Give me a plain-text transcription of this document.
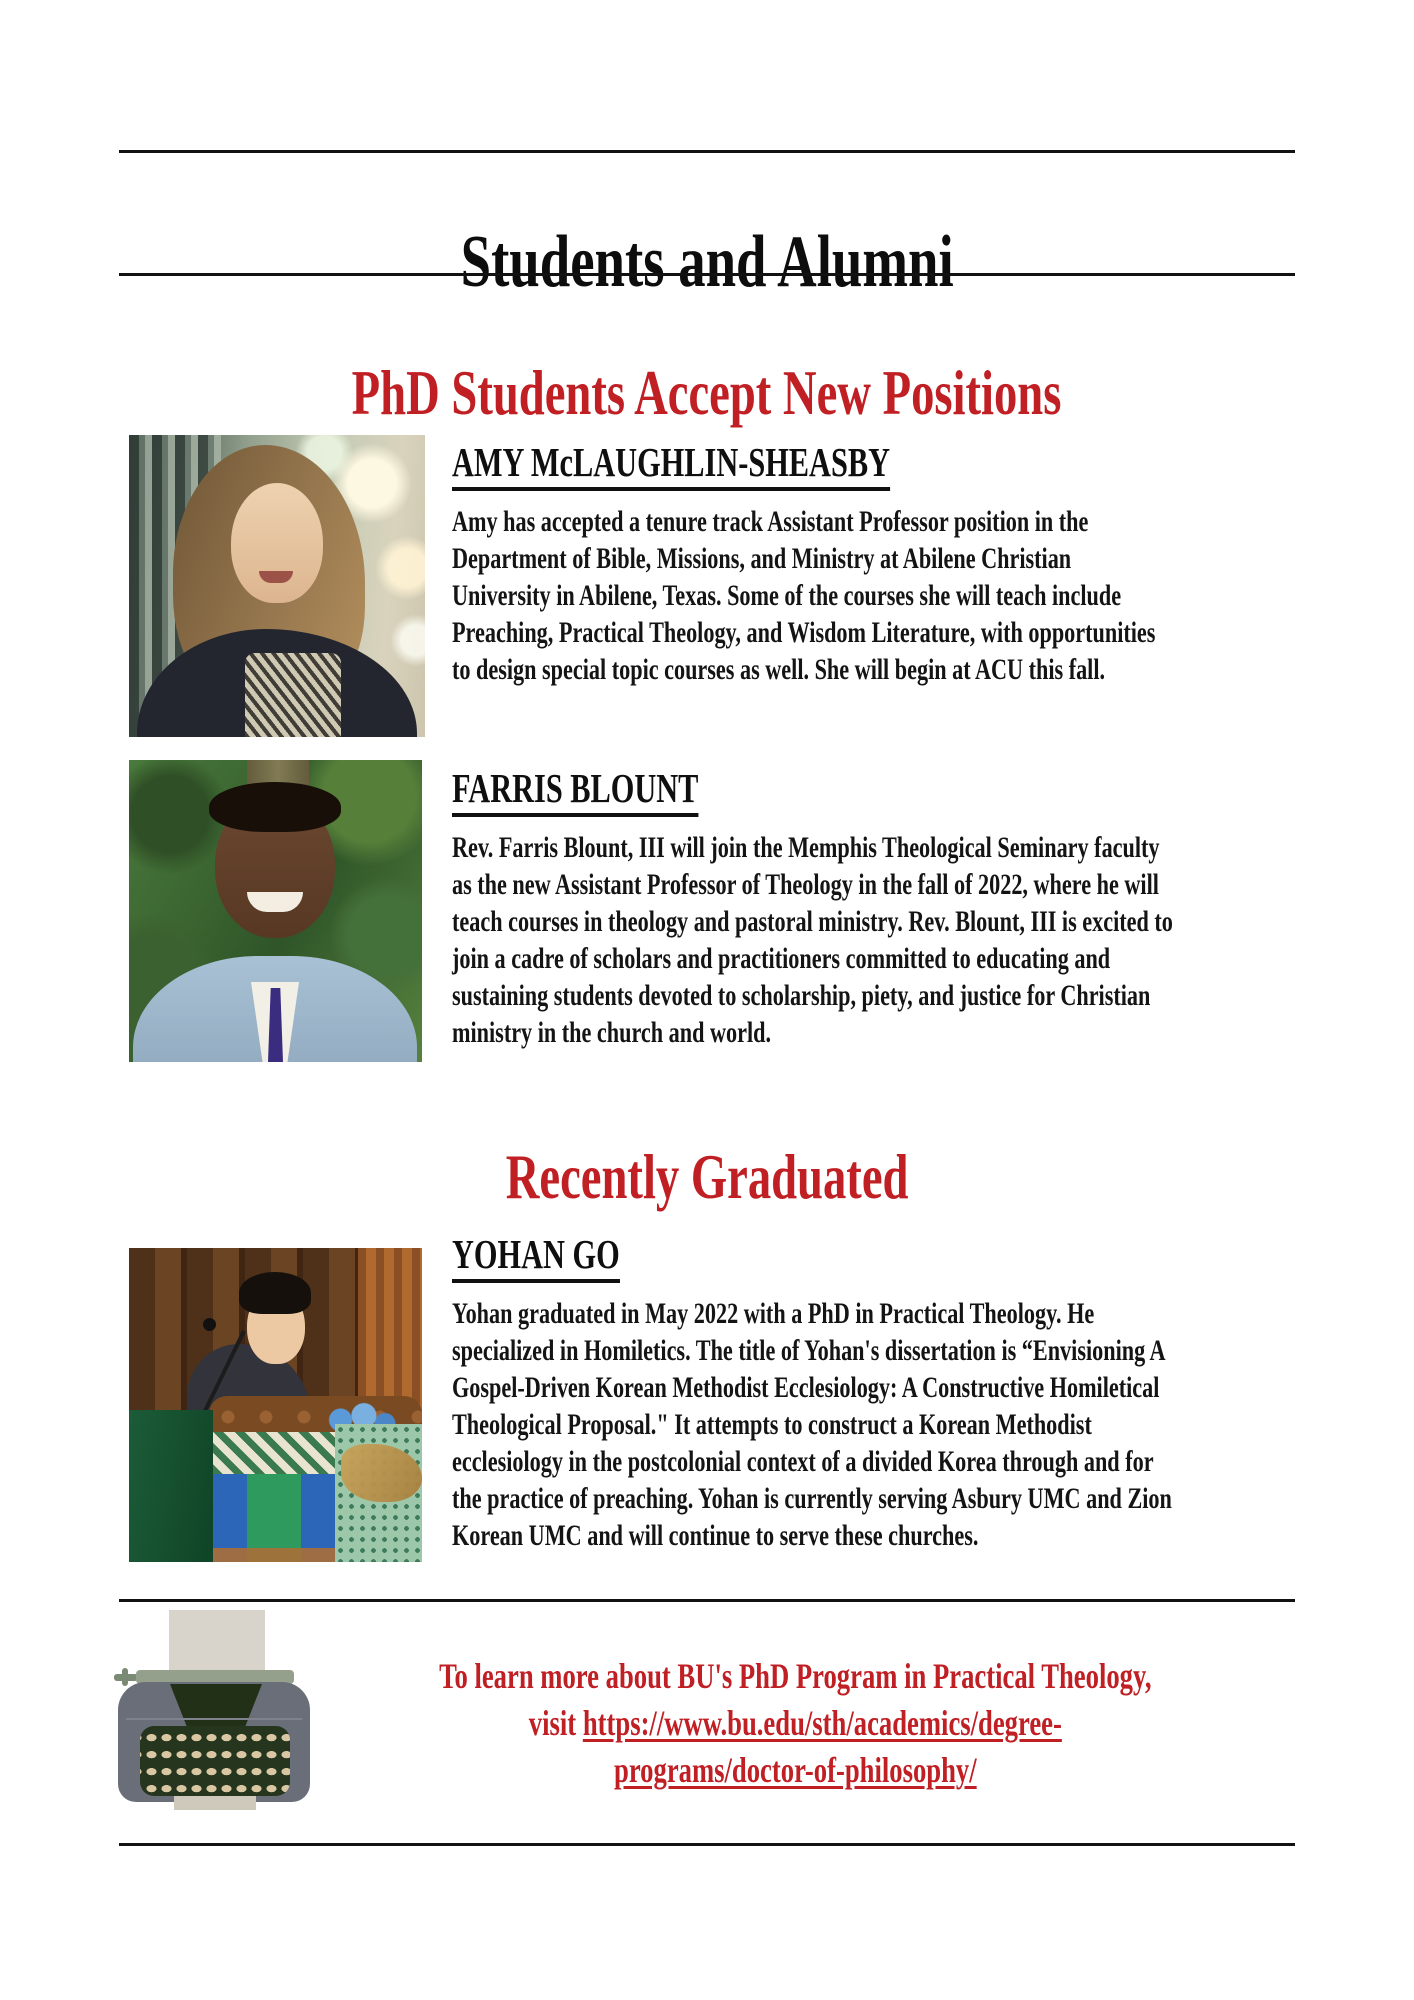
Students and Alumni
PhD Students Accept New Positions
AMY McLAUGHLIN-SHEASBY
Amy has accepted a tenure track Assistant Professor position in the Department of Bible, Missions, and Ministry at Abilene Christian University in Abilene, Texas. Some of the courses she will teach include Preaching, Practical Theology, and Wisdom Literature, with opportunities to design special topic courses as well. She will begin at ACU this fall.
FARRIS BLOUNT
Rev. Farris Blount, III will join the Memphis Theological Seminary faculty as the new Assistant Professor of Theology in the fall of 2022, where he will teach courses in theology and pastoral ministry. Rev. Blount, III is excited to join a cadre of scholars and practitioners committed to educating and sustaining students devoted to scholarship, piety, and justice for Christian ministry in the church and world.
Recently Graduated
YOHAN GO
Yohan graduated in May 2022 with a PhD in Practical Theology. He specialized in Homiletics. The title of Yohan's dissertation is “Envisioning A Gospel-Driven Korean Methodist Ecclesiology: A Constructive Homiletical Theological Proposal." It attempts to construct a Korean Methodist ecclesiology in the postcolonial context of a divided Korea through and for the practice of preaching. Yohan is currently serving Asbury UMC and Zion Korean UMC and will continue to serve these churches.
To learn more about BU's PhD Program in Practical Theology,
visit https://www.bu.edu/sth/academics/degree-
programs/doctor-of-philosophy/
